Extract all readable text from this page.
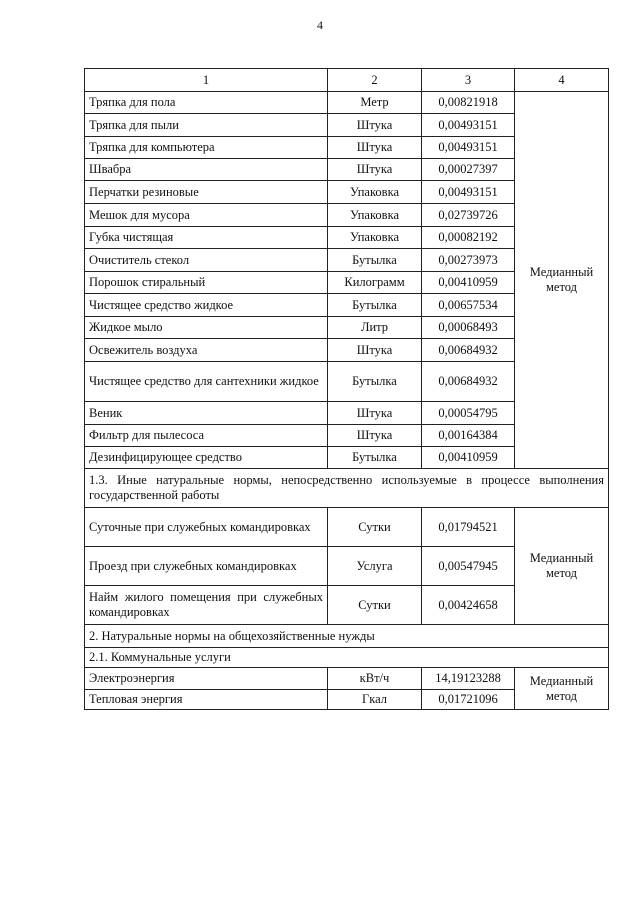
4
1	2	3	4
Тряпка для пола	Метр	0,00821918	Медианный метод
Тряпка для пыли	Штука	0,00493151	
Тряпка для компьютера	Штука	0,00493151	
Швабра	Штука	0,00027397	
Перчатки резиновые	Упаковка	0,00493151	
Мешок для мусора	Упаковка	0,02739726	
Губка чистящая	Упаковка	0,00082192	
Очиститель стекол	Бутылка	0,00273973	
Порошок стиральный	Килограмм	0,00410959	
Чистящее средство жидкое	Бутылка	0,00657534	
Жидкое мыло	Литр	0,00068493	
Освежитель воздуха	Штука	0,00684932	
Чистящее средство для сантехники жидкое	Бутылка	0,00684932	
Веник	Штука	0,00054795	
Фильтр для пылесоса	Штука	0,00164384	
Дезинфицирующее средство	Бутылка	0,00410959	
1.3. Иные натуральные нормы, непосредственно используемые в процессе выполнения государственной работы			
Суточные при служебных командировках	Сутки	0,01794521	Медианный метод
Проезд при служебных командировках	Услуга	0,00547945	
Найм жилого помещения при служебных командировках	Сутки	0,00424658	
2. Натуральные нормы на общехозяйственные нужды			
2.1. Коммунальные услуги			
Электроэнергия	кВт/ч	14,19123288	Медианный метод
Тепловая энергия	Гкал	0,01721096	
